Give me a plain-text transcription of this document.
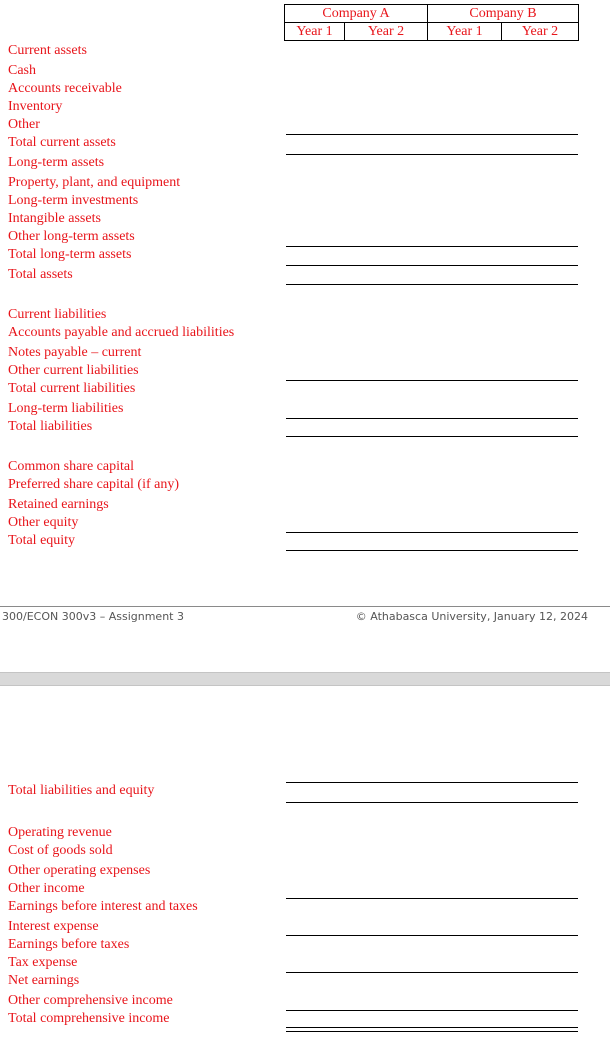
Company A		Company B	
Year 1	Year 2	Year 1	Year 2
Current assets
Cash
Accounts receivable
Inventory
Other
Total current assets
Long-term assets
Property, plant, and equipment
Long-term investments
Intangible assets
Other long-term assets
Total long-term assets
Total assets
Current liabilities
Accounts payable and accrued liabilities
Notes payable – current
Other current liabilities
Total current liabilities
Long-term liabilities
Total liabilities
Common share capital
Preferred share capital (if any)
Retained earnings
Other equity
Total equity
300/ECON 300v3 – Assignment 3	© Athabasca University, January 12, 2024
Total liabilities and equity
Operating revenue
Cost of goods sold
Other operating expenses
Other income
Earnings before interest and taxes
Interest expense
Earnings before taxes
Tax expense
Net earnings
Other comprehensive income
Total comprehensive income
